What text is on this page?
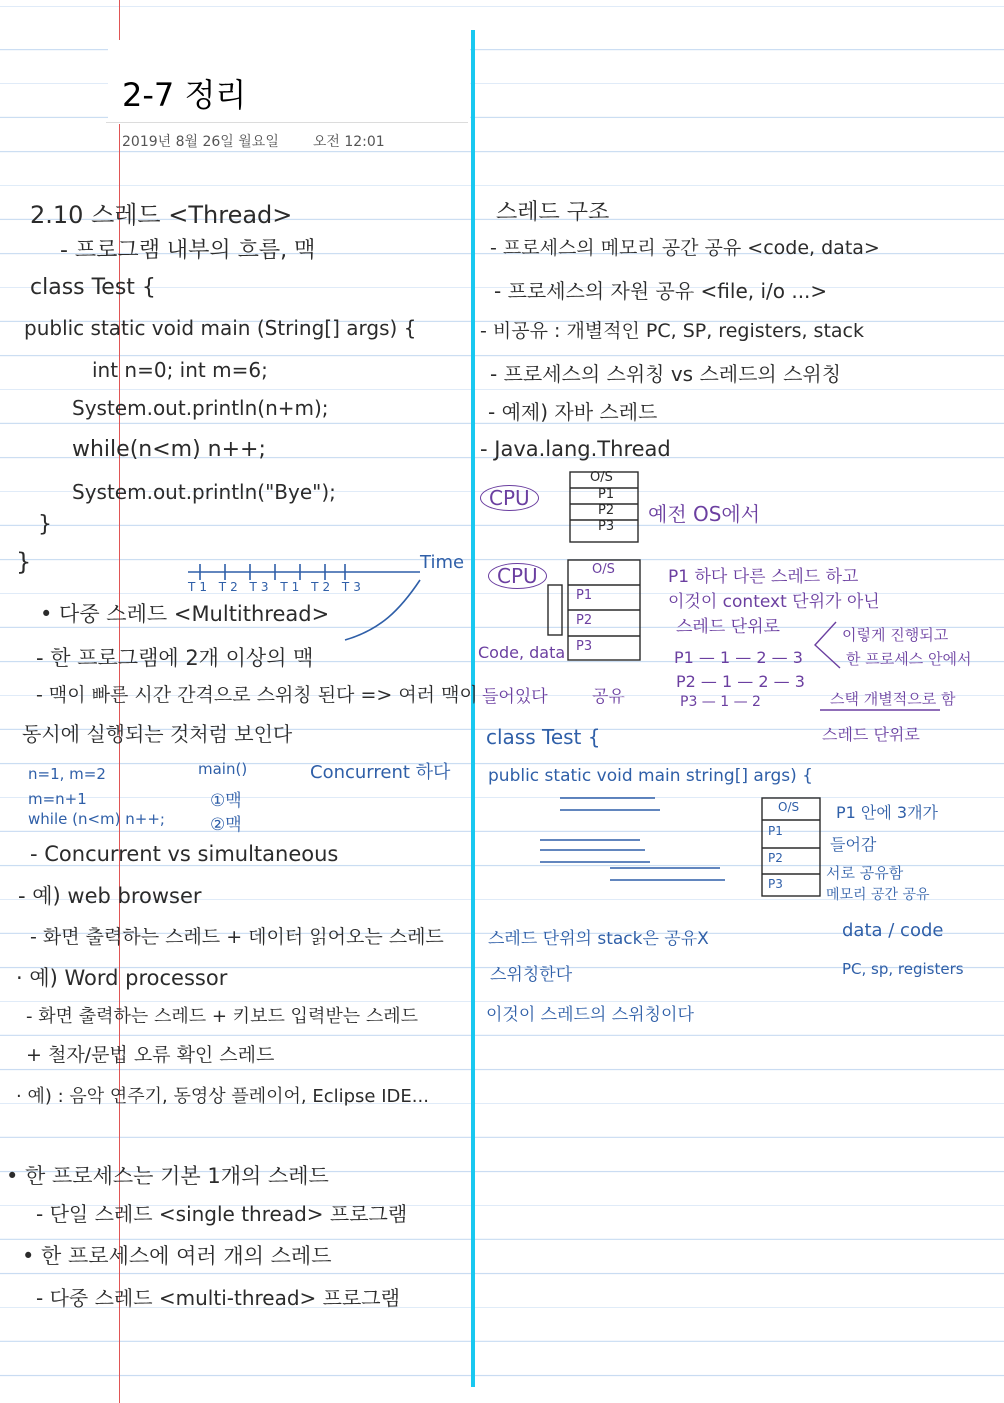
2-7 정리
2019년 8월 26일 월요일 오전 12:01

2.10 스레드 <Thread>

- 프로그램 내부의 흐름, 맥

class Test {

public static void main (String[] args) {

int n=0; int m=6;

System.out.println(n+m);

while(n<m) n++;

System.out.println("Bye");

}

}	Time

T1 T2 T3 T1 T2 T3

• 다중 스레드 <Multithread>

- 한 프로그램에 2개 이상의 맥

- 맥이 빠른 시간 간격으로 스위칭 된다 => 여러 맥이

동시에 실행되는 것처럼 보인다

Concurrent 하다

n=1, m=2

m=n+1

while (n<m) n++;

main()

①맥

②맥

- Concurrent vs simultaneous

- 예) web browser

- 화면 출력하는 스레드 + 데이터 읽어오는 스레드

· 예) Word processor

- 화면 출력하는 스레드 + 키보드 입력받는 스레드

+ 철자/문법 오류 확인 스레드

· 예) : 음악 연주기, 동영상 플레이어, Eclipse IDE...

• 한 프로세스는 기본 1개의 스레드

- 단일 스레드 <single thread> 프로그램

• 한 프로세스에 여러 개의 스레드

- 다중 스레드 <multi-thread> 프로그램

스레드 구조

- 프로세스의 메모리 공간 공유 <code, data>

- 프로세스의 자원 공유 <file, i/o ...>

- 비공유 : 개별적인 PC, SP, registers, stack

- 프로세스의 스위칭 vs 스레드의 스위칭

- 예제) 자바 스레드

- Java.lang.Thread

CPU

O/S

P1

P2

P3

예전 OS에서

CPU	O/S

P1

P2

P3

Code, data

들어있다	공유

P1 하다 다른 스레드 하고

이것이 context 단위가 아닌

스레드 단위로

P1 — 1 — 2 — 3

P2 — 1 — 2 — 3

P3 — 1 — 2

이렇게 진행되고

한 프로세스 안에서

스택 개별적으로 함

스레드 단위로

class Test {

public static void main string[] args) {

O/S

P1

P2

P3

P1 안에 3개가

들어감

서로 공유함

메모리 공간 공유

data / code

PC, sp, registers

스레드 단위의 stack은 공유X

스위칭한다

이것이 스레드의 스위칭이다
